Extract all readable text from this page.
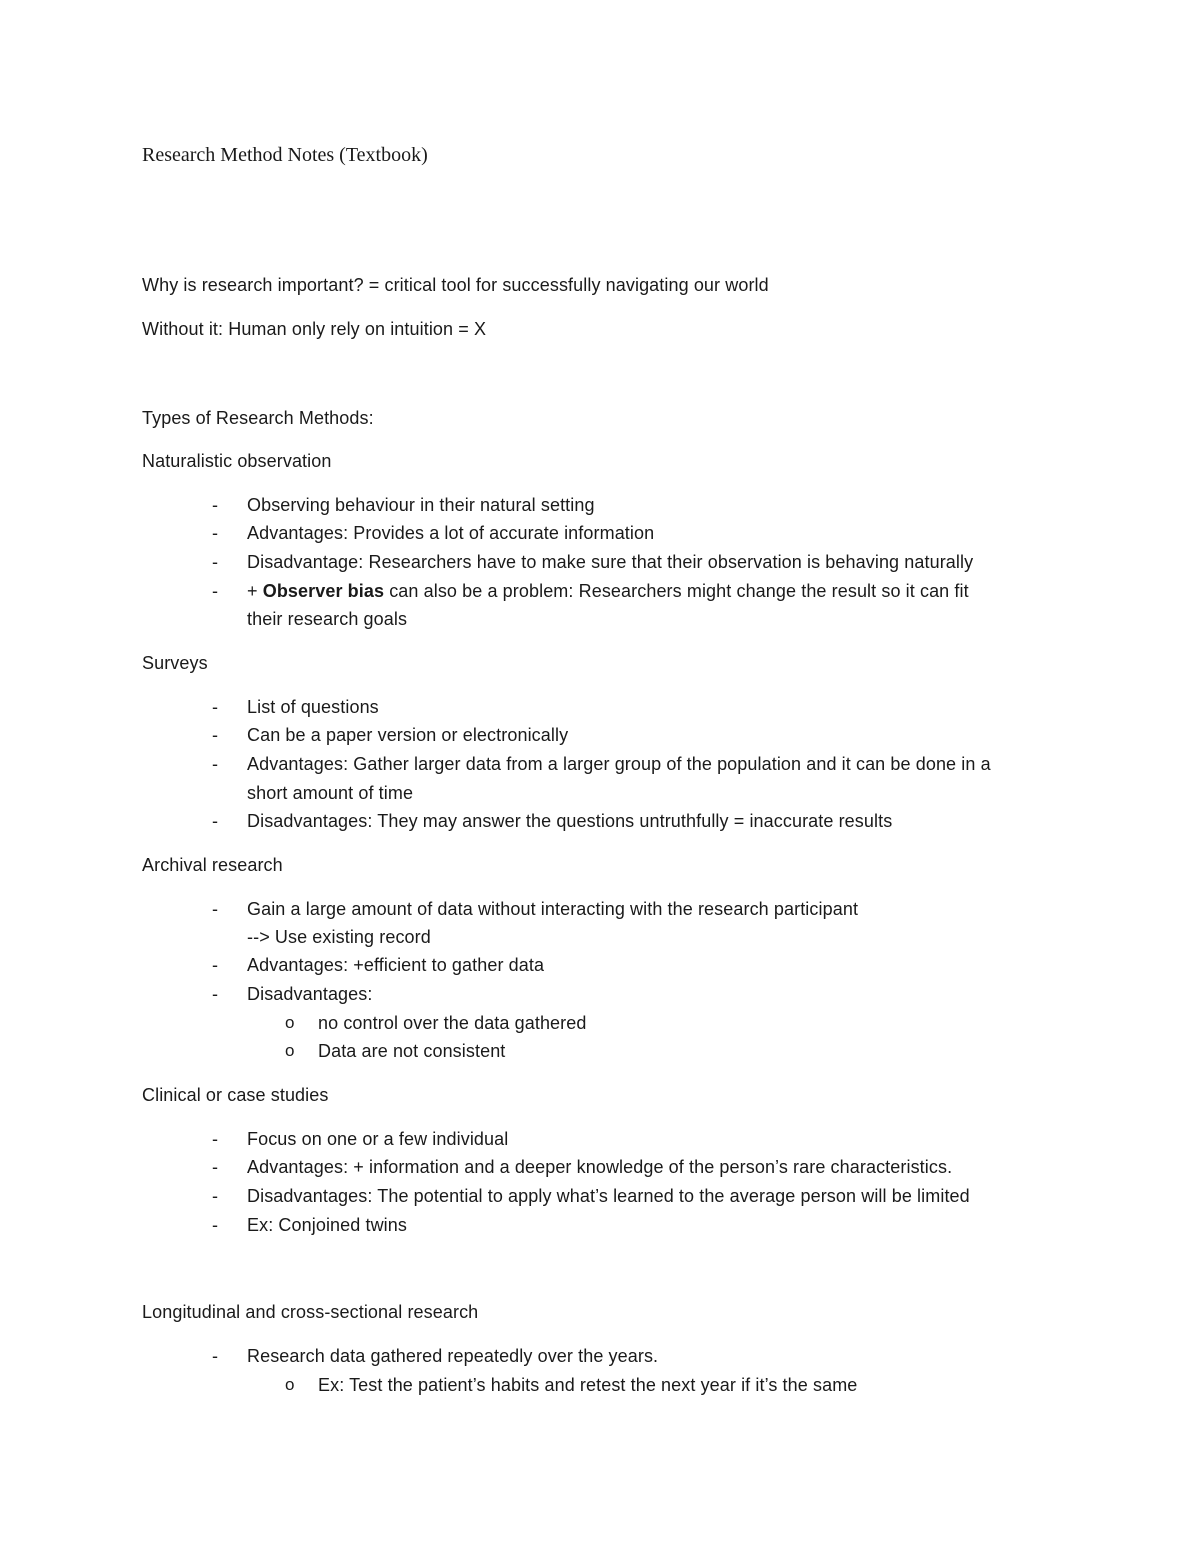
Research Method Notes (Textbook)
Why is research important? = critical tool for successfully navigating our world
Without it: Human only rely on intuition = X
Types of Research Methods:
Naturalistic observation
- Observing behaviour in their natural setting
- Advantages: Provides a lot of accurate information
- Disadvantage: Researchers have to make sure that their observation is behaving naturally
- + Observer bias can also be a problem: Researchers might change the result so it can fit
their research goals
Surveys
- List of questions
- Can be a paper version or electronically
- Advantages: Gather larger data from a larger group of the population and it can be done in a
short amount of time
- Disadvantages: They may answer the questions untruthfully = inaccurate results
Archival research
- Gain a large amount of data without interacting with the research participant
--> Use existing record
- Advantages: +efficient to gather data
- Disadvantages:
o no control over the data gathered
o Data are not consistent
Clinical or case studies
- Focus on one or a few individual
- Advantages: + information and a deeper knowledge of the person’s rare characteristics.
- Disadvantages: The potential to apply what’s learned to the average person will be limited
- Ex: Conjoined twins
Longitudinal and cross-sectional research
- Research data gathered repeatedly over the years.
o Ex: Test the patient’s habits and retest the next year if it’s the same
